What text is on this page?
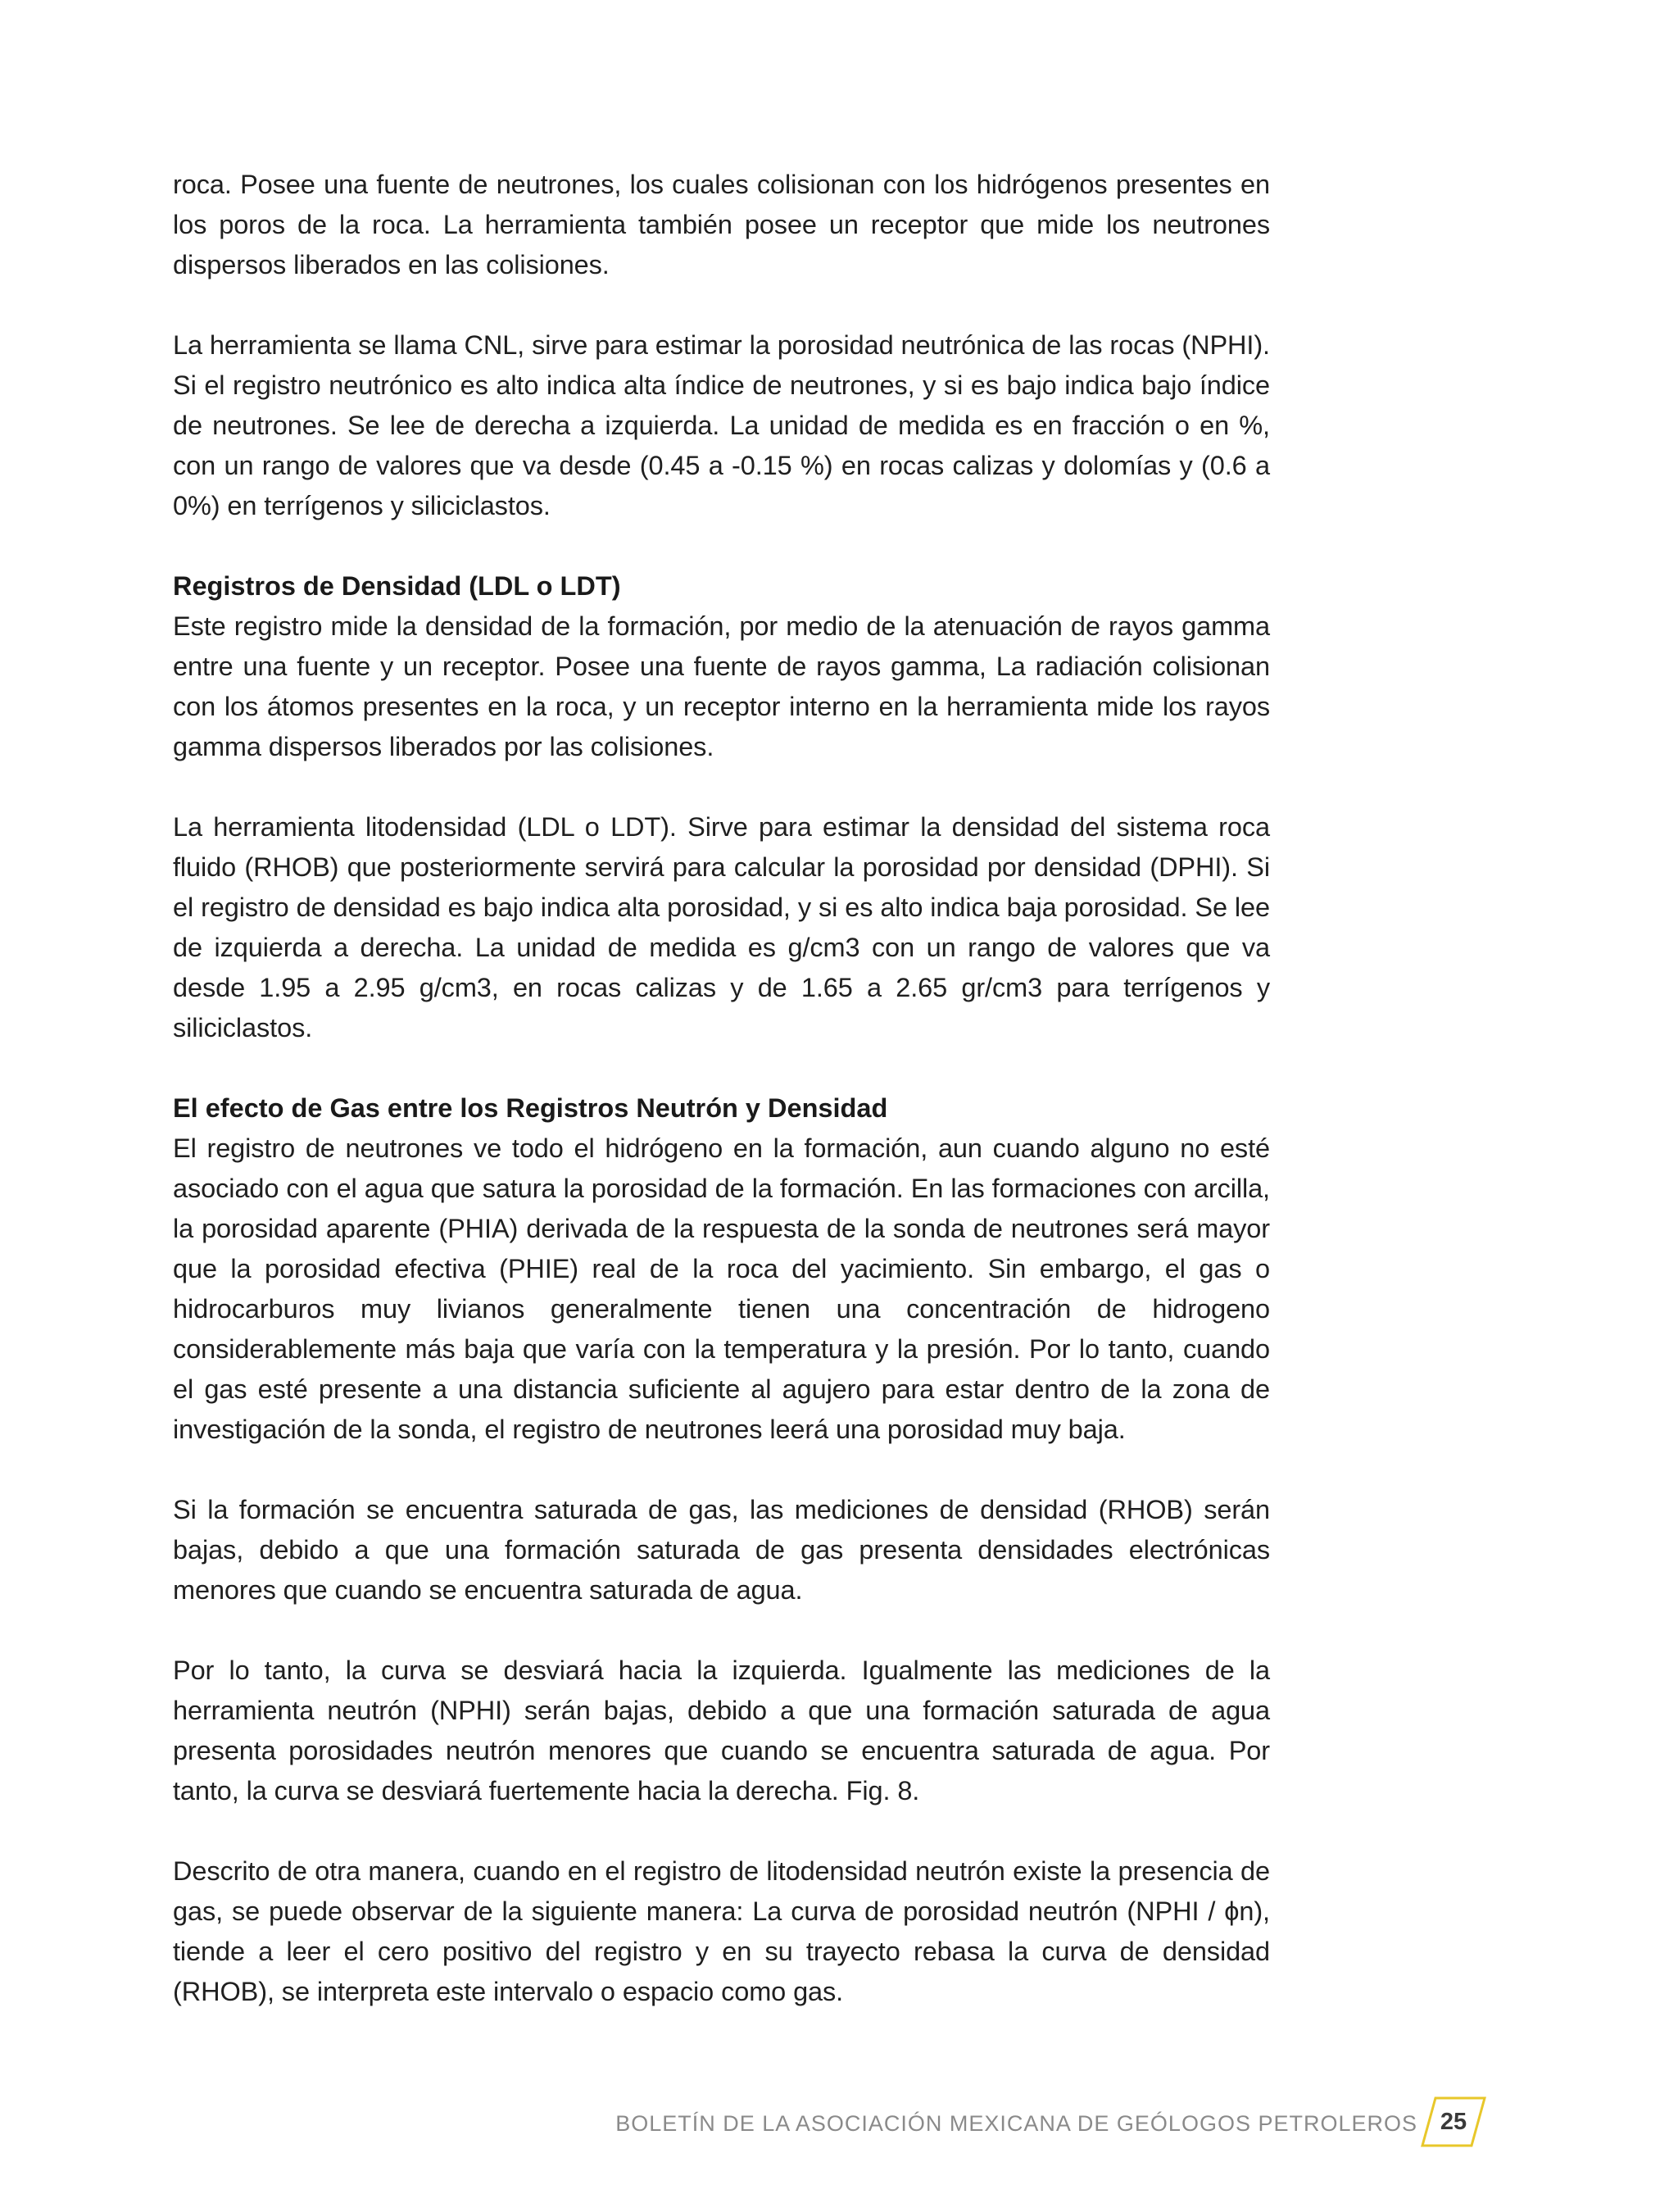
roca. Posee una fuente de neutrones, los cuales colisionan con los hidrógenos presentes en los poros de la roca. La herramienta también posee un receptor que mide los neutrones dispersos liberados en las colisiones.

La herramienta se llama CNL, sirve para estimar la porosidad neutrónica de las rocas (NPHI). Si el registro neutrónico es alto indica alta índice de neutrones, y si es bajo indica bajo índice de neutrones. Se lee de derecha a izquierda. La unidad de medida es en fracción o en %, con un rango de valores que va desde (0.45 a -0.15 %) en rocas calizas y dolomías y (0.6 a 0%) en terrígenos y siliciclastos.

Registros de Densidad (LDL o LDT)

Este registro mide la densidad de la formación, por medio de la atenuación de rayos gamma entre una fuente y un receptor. Posee una fuente de rayos gamma, La radiación colisionan con los átomos presentes en la roca, y un receptor interno en la herramienta mide los rayos gamma dispersos liberados por las colisiones.

La herramienta litodensidad (LDL o LDT). Sirve para estimar la densidad del sistema roca fluido (RHOB) que posteriormente servirá para calcular la porosidad por densidad (DPHI). Si el registro de densidad es bajo indica alta porosidad, y si es alto indica baja porosidad. Se lee de izquierda a derecha. La unidad de medida es g/cm3 con un rango de valores que va desde 1.95 a 2.95 g/cm3, en rocas calizas y de 1.65 a 2.65 gr/cm3 para terrígenos y siliciclastos.

El efecto de Gas entre los Registros Neutrón y Densidad

El registro de neutrones ve todo el hidrógeno en la formación, aun cuando alguno no esté asociado con el agua que satura la porosidad de la formación. En las formaciones con arcilla, la porosidad aparente (PHIA) derivada de la respuesta de la sonda de neutrones será mayor que la porosidad efectiva (PHIE) real de la roca del yacimiento. Sin embargo, el gas o hidrocarburos muy livianos generalmente tienen una concentración de hidrogeno considerablemente más baja que varía con la temperatura y la presión. Por lo tanto, cuando el gas esté presente a una distancia suficiente al agujero para estar dentro de la zona de investigación de la sonda, el registro de neutrones leerá una porosidad muy baja.

Si la formación se encuentra saturada de gas, las mediciones de densidad (RHOB) serán bajas, debido a que una formación saturada de gas presenta densidades electrónicas menores que cuando se encuentra saturada de agua.

Por lo tanto, la curva se desviará hacia la izquierda. Igualmente las mediciones de la herramienta neutrón (NPHI) serán bajas, debido a que una formación saturada de agua presenta porosidades neutrón menores que cuando se encuentra saturada de agua. Por tanto, la curva se desviará fuertemente hacia la derecha. Fig. 8.

Descrito de otra manera, cuando en el registro de litodensidad neutrón existe la presencia de gas, se puede observar de la siguiente manera: La curva de porosidad neutrón (NPHI / ϕn), tiende a leer el cero positivo del registro y en su trayecto rebasa la curva de densidad (RHOB), se interpreta este intervalo o espacio como gas.

BOLETÍN DE LA ASOCIACIÓN MEXICANA DE GEÓLOGOS PETROLEROS 25
